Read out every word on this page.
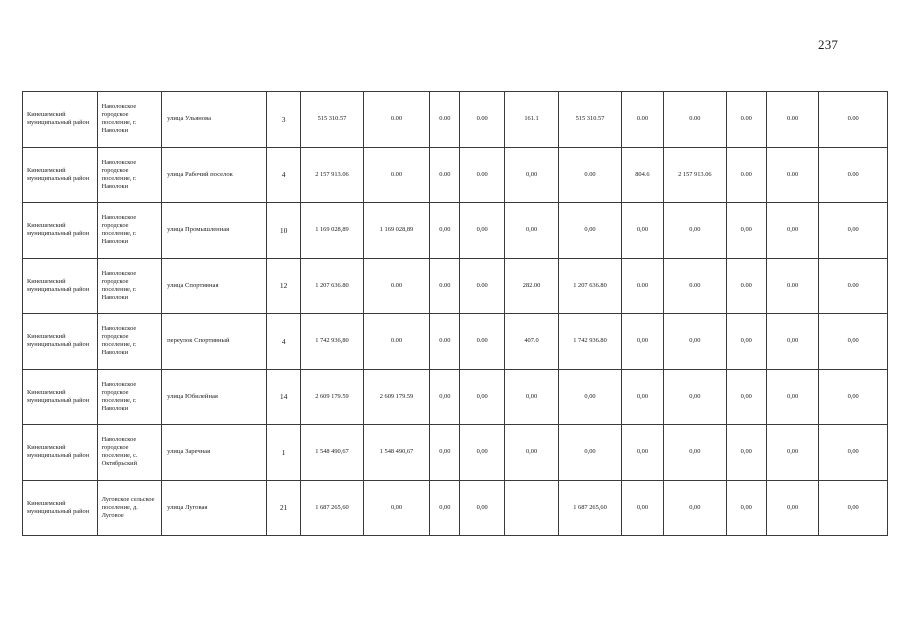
237
Кинешемский муниципальный район	Наволокское городское поселение, г. Наволоки	улица Ульянова	3	515 310.57	0.00	0.00	0.00	161.1	515 310.57	0.00	0.00	0.00	0.00	0.00
Кинешемский муниципальный район	Наволокское городское поселение, г. Наволоки	улица Рабочий поселок	4	2 157 913.06	0.00	0.00	0.00	0,00	0.00	804.6	2 157 913.06	0.00	0.00	0.00
Кинешемский муниципальный район	Наволокское городское поселение, г. Наволоки	улица Промышленная	10	1 169 028,89	1 169 028,89	0,00	0,00	0,00	0,00	0,00	0,00	0,00	0,00	0,00
Кинешемский муниципальный район	Наволокское городское поселение, г. Наволоки	улица Спортивная	12	1 207 636.80	0.00	0.00	0.00	282.00	1 207 636.80	0.00	0.00	0.00	0.00	0.00
Кинешемский муниципальный район	Наволокское городское поселение, г. Наволоки	переулок Спортивный	4	1 742 936,80	0.00	0.00	0.00	407.0	1 742 936.80	0,00	0,00	0,00	0,00	0,00
Кинешемский муниципальный район	Наволокское городское поселение, г. Наволоки	улица Юбилейная	14	2 609 179.59	2 609 179.59	0,00	0,00	0,00	0,00	0,00	0,00	0,00	0,00	0,00
Кинешемский муниципальный район	Наволокское городское поселение, с. Октябрьский	улица Заречная	1	1 548 490,67	1 548 490,67	0,00	0,00	0,00	0,00	0,00	0,00	0,00	0,00	0,00
Кинешемский муниципальный район	Луговское сельское поселение, д. Луговое	улица Луговая	21	1 687 265,60	0,00	0,00	0,00		1 687 265,60	0,00	0,00	0,00	0,00	0,00
